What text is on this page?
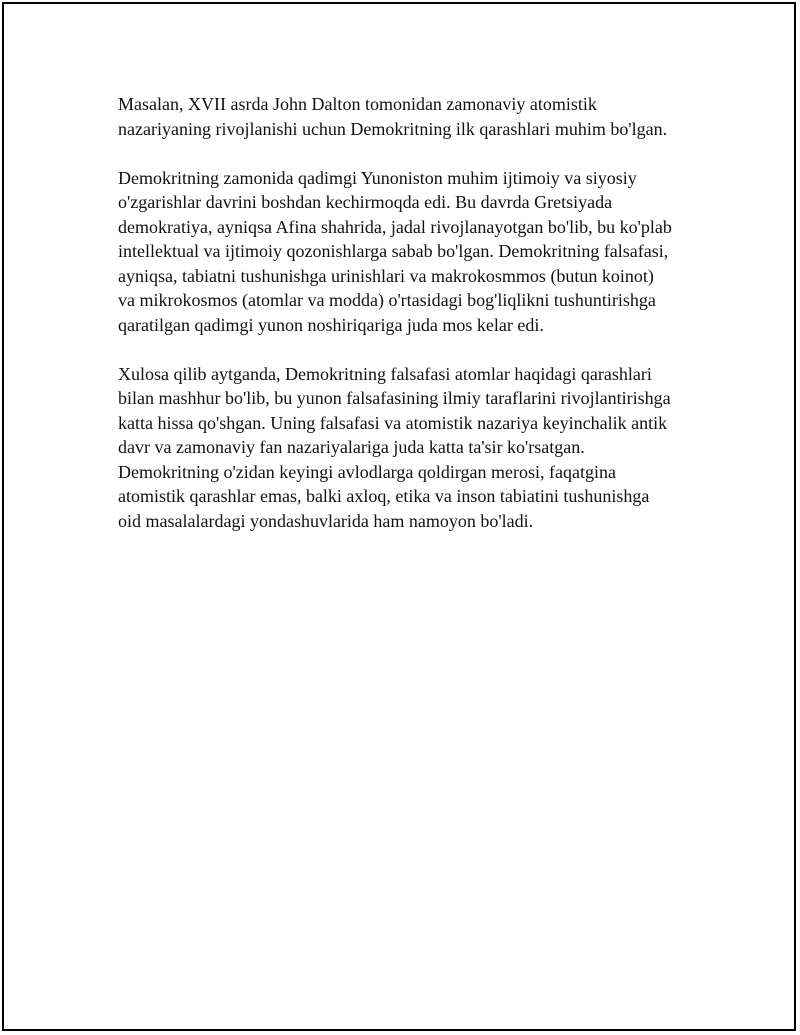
Masalan, XVII asrda John Dalton tomonidan zamonaviy atomistik
nazariyaning rivojlanishi uchun Demokritning ilk qarashlari muhim bo'lgan.

Demokritning zamonida qadimgi Yunoniston muhim ijtimoiy va siyosiy
o'zgarishlar davrini boshdan kechirmoqda edi. Bu davrda Gretsiyada
demokratiya, ayniqsa Afina shahrida, jadal rivojlanayotgan bo'lib, bu ko'plab
intellektual va ijtimoiy qozonishlarga sabab bo'lgan. Demokritning falsafasi,
ayniqsa, tabiatni tushunishga urinishlari va makrokosmmos (butun koinot)
va mikrokosmos (atomlar va modda) o'rtasidagi bog'liqlikni tushuntirishga
qaratilgan qadimgi yunon noshiriqariga juda mos kelar edi.

Xulosa qilib aytganda, Demokritning falsafasi atomlar haqidagi qarashlari
bilan mashhur bo'lib, bu yunon falsafasining ilmiy taraflarini rivojlantirishga
katta hissa qo'shgan. Uning falsafasi va atomistik nazariya keyinchalik antik
davr va zamonaviy fan nazariyalariga juda katta ta'sir ko'rsatgan.
Demokritning o'zidan keyingi avlodlarga qoldirgan merosi, faqatgina
atomistik qarashlar emas, balki axloq, etika va inson tabiatini tushunishga
oid masalalardagi yondashuvlarida ham namoyon bo'ladi.
